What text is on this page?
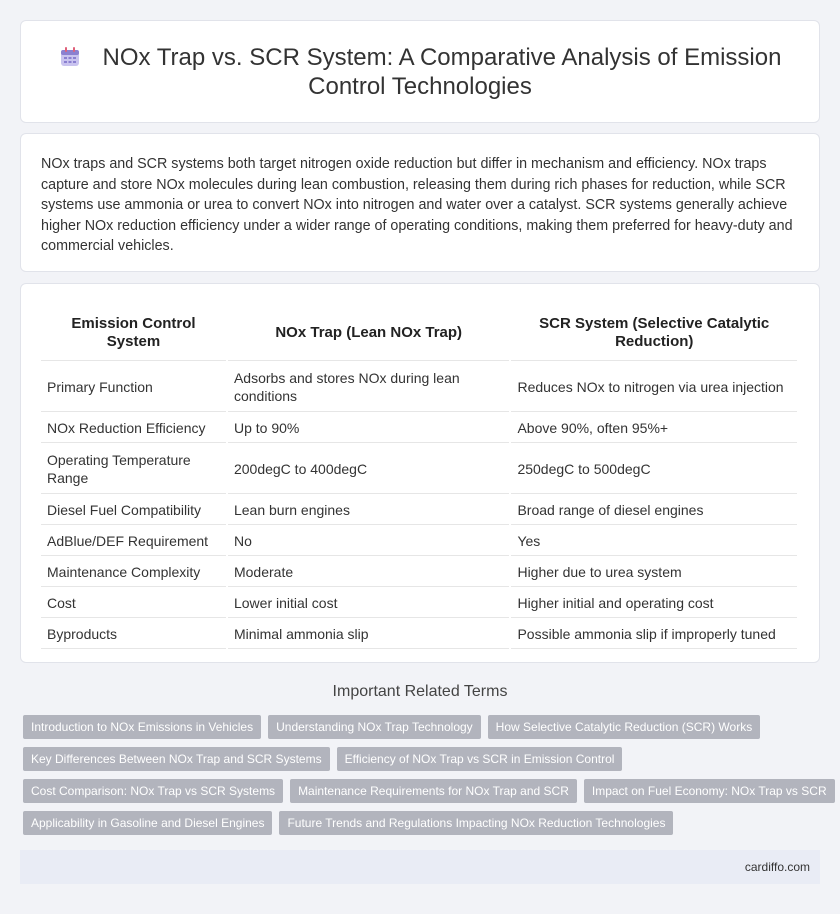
NOx Trap vs. SCR System: A Comparative Analysis of Emission Control Technologies

NOx traps and SCR systems both target nitrogen oxide reduction but differ in mechanism and efficiency. NOx traps capture and store NOx molecules during lean combustion, releasing them during rich phases for reduction, while SCR systems use ammonia or urea to convert NOx into nitrogen and water over a catalyst. SCR systems generally achieve higher NOx reduction efficiency under a wider range of operating conditions, making them preferred for heavy-duty and commercial vehicles.

Emission Control System	NOx Trap (Lean NOx Trap)	SCR System (Selective Catalytic Reduction)
Primary Function	Adsorbs and stores NOx during lean conditions	Reduces NOx to nitrogen via urea injection
NOx Reduction Efficiency	Up to 90%	Above 90%, often 95%+
Operating Temperature Range	200degC to 400degC	250degC to 500degC
Diesel Fuel Compatibility	Lean burn engines	Broad range of diesel engines
AdBlue/DEF Requirement	No	Yes
Maintenance Complexity	Moderate	Higher due to urea system
Cost	Lower initial cost	Higher initial and operating cost
Byproducts	Minimal ammonia slip	Possible ammonia slip if improperly tuned
Important Related Terms
Introduction to NOx Emissions in Vehicles	Understanding NOx Trap Technology	How Selective Catalytic Reduction (SCR) Works
Key Differences Between NOx Trap and SCR Systems	Efficiency of NOx Trap vs SCR in Emission Control
Cost Comparison: NOx Trap vs SCR Systems	Maintenance Requirements for NOx Trap and SCR	Impact on Fuel Economy: NOx Trap vs SCR
Applicability in Gasoline and Diesel Engines	Future Trends and Regulations Impacting NOx Reduction Technologies
cardiffo.com
